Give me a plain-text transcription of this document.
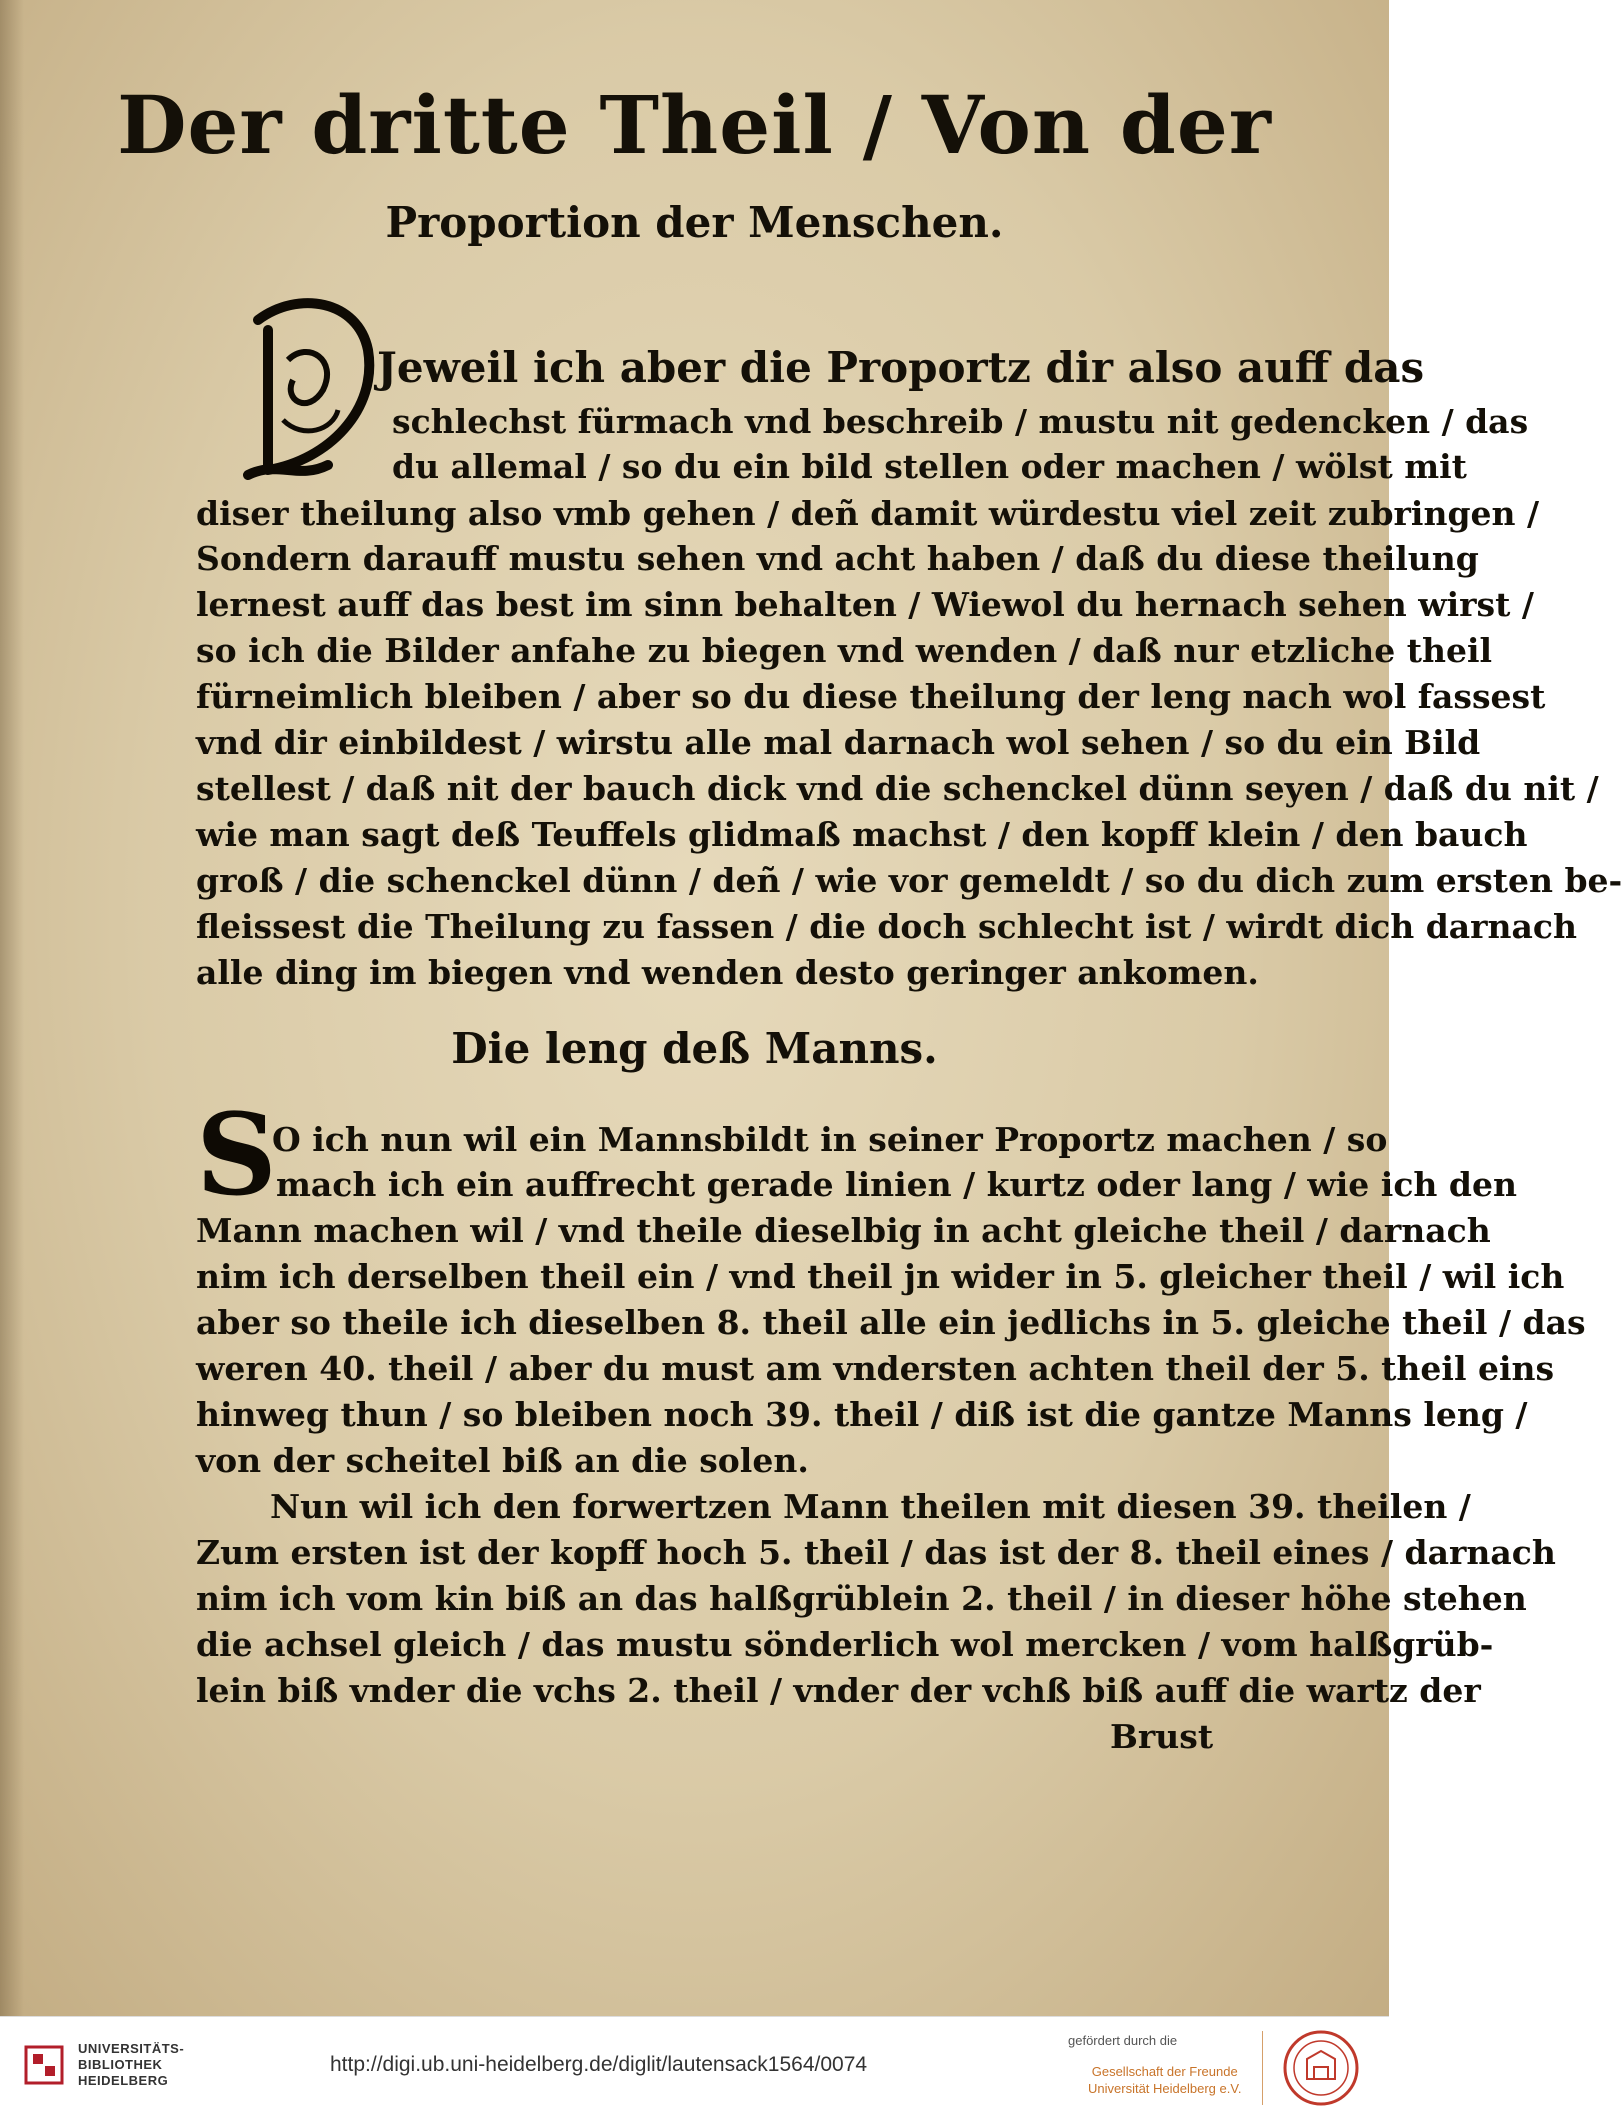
Der dritte Theil / Von der
Proportion der Menschen.

Jeweil ich aber die Proportz dir also auff das

schlechst fürmach vnd beschreib / mustu nit gedencken / das

du allemal / so du ein bild stellen oder machen / wölst mit

diser theilung also vmb gehen / deñ damit würdestu viel zeit zubringen /

Sondern darauff mustu sehen vnd acht haben / daß du diese theilung

lernest auff das best im sinn behalten / Wiewol du hernach sehen wirst /

so ich die Bilder anfahe zu biegen vnd wenden / daß nur etzliche theil

fürneimlich bleiben / aber so du diese theilung der leng nach wol fassest

vnd dir einbildest / wirstu alle mal darnach wol sehen / so du ein Bild

stellest / daß nit der bauch dick vnd die schenckel dünn seyen / daß du nit /

wie man sagt deß Teuffels glidmaß machst / den kopff klein / den bauch

groß / die schenckel dünn / deñ / wie vor gemeldt / so du dich zum ersten be-

fleissest die Theilung zu fassen / die doch schlecht ist / wirdt dich darnach

alle ding im biegen vnd wenden desto geringer ankomen.

Die leng deß Manns.
S

O ich nun wil ein Mannsbildt in seiner Proportz machen / so

mach ich ein auffrecht gerade linien / kurtz oder lang / wie ich den

Mann machen wil / vnd theile dieselbig in acht gleiche theil / darnach

nim ich derselben theil ein / vnd theil jn wider in 5. gleicher theil / wil ich

aber so theile ich dieselben 8. theil alle ein jedlichs in 5. gleiche theil / das

weren 40. theil / aber du must am vndersten achten theil der 5. theil eins

hinweg thun / so bleiben noch 39. theil / diß ist die gantze Manns leng /

von der scheitel biß an die solen.

Nun wil ich den forwertzen Mann theilen mit diesen 39. theilen /

Zum ersten ist der kopff hoch 5. theil / das ist der 8. theil eines / darnach

nim ich vom kin biß an das halßgrüblein 2. theil / in dieser höhe stehen

die achsel gleich / das mustu sönderlich wol mercken / vom halßgrüb-

lein biß vnder die vchs 2. theil / vnder der vchß biß auff die wartz der

Brust

UNIVERSITÄTS-
BIBLIOTHEK
HEIDELBERG
http://digi.ub.uni-heidelberg.de/diglit/lautensack1564/0074
gefördert durch die
Gesellschaft der Freunde
Universität Heidelberg e.V.
